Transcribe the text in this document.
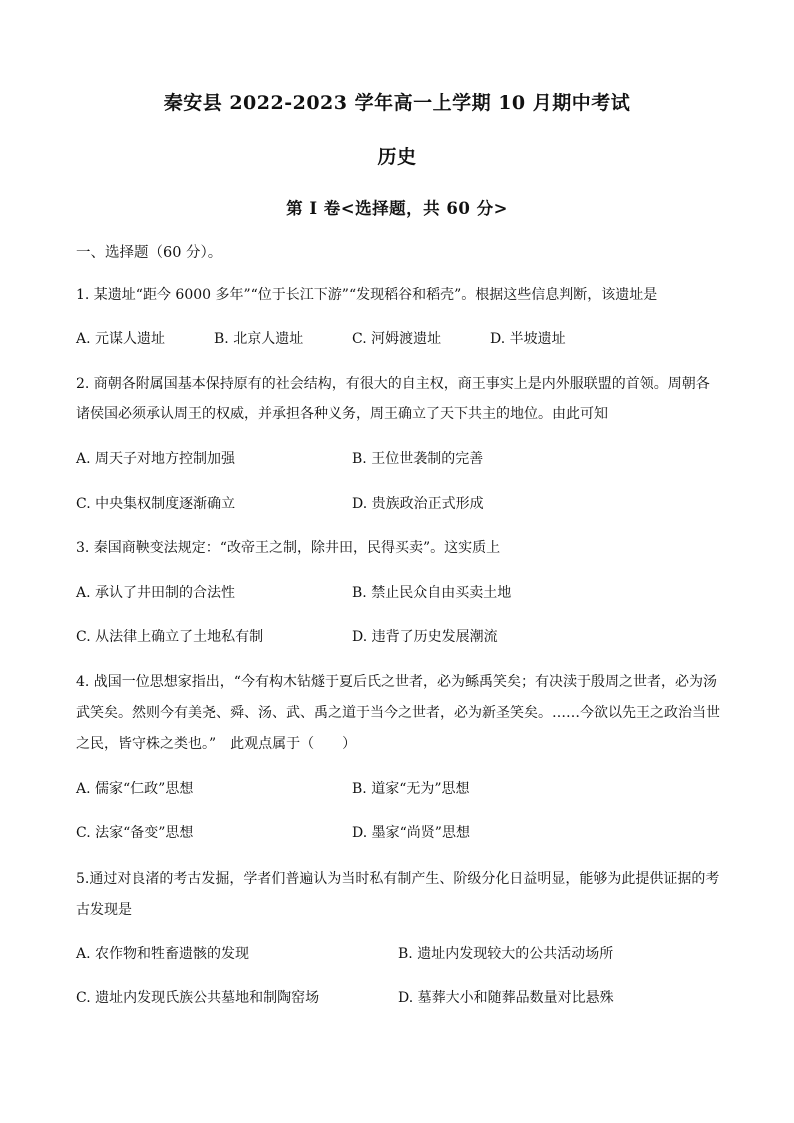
秦安县 2022-2023 学年高一上学期 10 月期中考试
历史
第 I 卷<选择题，共 60 分>
一、选择题（60 分）。
1. 某遗址“距今 6000 多年”“位于长江下游”“发现稻谷和稻壳”。根据这些信息判断，该遗址是
A. 元谋人遗址	B. 北京人遗址	C. 河姆渡遗址	D. 半坡遗址
2. 商朝各附属国基本保持原有的社会结构，有很大的自主权，商王事实上是内外服联盟的首领。周朝各
诸侯国必须承认周王的权威，并承担各种义务，周王确立了天下共主的地位。由此可知
A. 周天子对地方控制加强	B. 王位世袭制的完善
C. 中央集权制度逐渐确立	D. 贵族政治正式形成
3. 秦国商鞅变法规定：“改帝王之制，除井田，民得买卖”。这实质上
A. 承认了井田制的合法性	B. 禁止民众自由买卖土地
C. 从法律上确立了土地私有制	D. 违背了历史发展潮流
4. 战国一位思想家指出，“今有构木钻燧于夏后氏之世者，必为鲧禹笑矣；有决渎于殷周之世者，必为汤
武笑矣。然则今有美尧、舜、汤、武、禹之道于当今之世者，必为新圣笑矣。……今欲以先王之政治当世
之民，皆守株之类也。”　此观点属于（　　）
A. 儒家“仁政”思想	B. 道家“无为”思想
C. 法家“备变”思想	D. 墨家“尚贤”思想
5.通过对良渚的考古发掘，学者们普遍认为当时私有制产生、阶级分化日益明显，能够为此提供证据的考
古发现是
A. 农作物和牲畜遗骸的发现	B. 遗址内发现较大的公共活动场所
C. 遗址内发现氏族公共墓地和制陶窑场	D. 墓葬大小和随葬品数量对比悬殊
